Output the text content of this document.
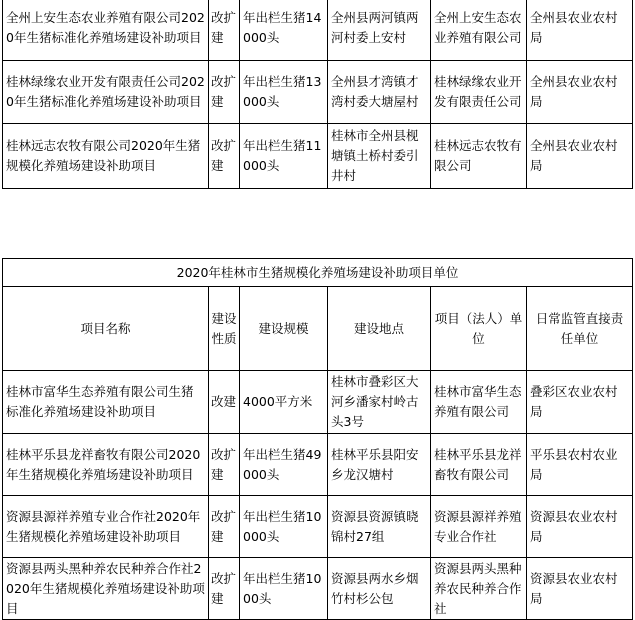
全州上安生态农业养殖有限公司2020年生猪标准化养殖场建设补助项目	改扩建	年出栏生猪14000头	全州县两河镇两河村委上安村	全州上安生态农业养殖有限公司	全州县农业农村局
桂林绿缘农业开发有限责任公司2020年生猪标准化养殖场建设补助项目	改扩建	年出栏生猪13000头	全州县才湾镇才湾村委大塘屋村	桂林绿缘农业开发有限责任公司	全州县农业农村局
桂林远志农牧有限公司2020年生猪规模化养殖场建设补助项目	改扩建	年出栏生猪11000头	桂林市全州县枧塘镇土桥村委引井村	桂林远志农牧有限公司	全州县农业农村局
2020年桂林市生猪规模化养殖场建设补助项目单位					
项目名称	建设性质	建设规模	建设地点	项目（法人）单位	日常监管直接责任单位
桂林市富华生态养殖有限公司生猪标准化养殖场建设补助项目	改建	4000平方米	桂林市叠彩区大河乡潘家村岭古头3号	桂林市富华生态养殖有限公司	叠彩区农业农村局
桂林平乐县龙祥畜牧有限公司2020年生猪规模化养殖场建设补助项目	改扩建	年出栏生猪49000头	桂林平乐县阳安乡龙汉塘村	桂林平乐县龙祥畜牧有限公司	平乐县农村农业局
资源县源祥养殖专业合作社2020年生猪规模化养殖场建设补助项目	改扩建	年出栏生猪10000头	资源县资源镇晓锦村27组	资源县源祥养殖专业合作社	资源县农业农村局
资源县两头黑种养农民种养合作社2020年生猪规模化养殖场建设补助项目	改扩建	年出栏生猪1000头	资源县两水乡烟竹村杉公包	资源县两头黑种养农民种养合作社	资源县农业农村局
